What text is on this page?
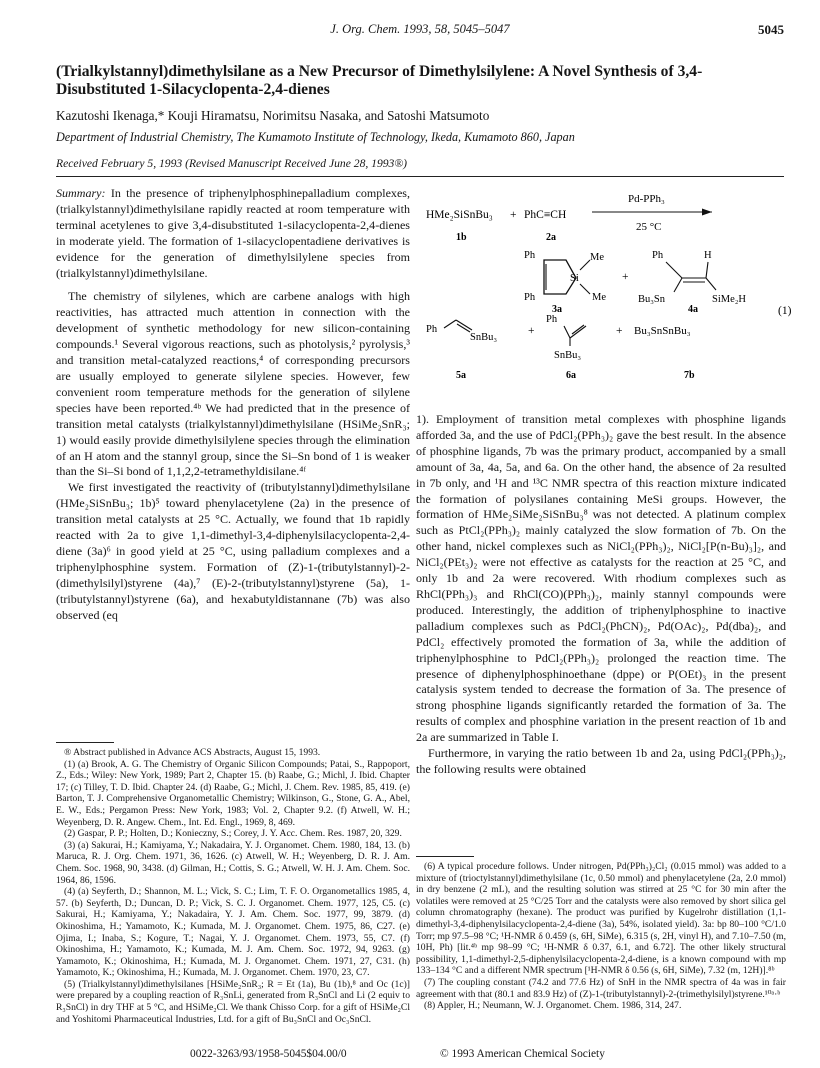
J. Org. Chem. 1993, 58, 5045–5047	5045
(Trialkylstannyl)dimethylsilane as a New Precursor of Dimethylsilylene: A Novel Synthesis of 3,4-Disubstituted 1-Silacyclopenta-2,4-dienes
Kazutoshi Ikenaga,* Kouji Hiramatsu, Norimitsu Nasaka, and Satoshi Matsumoto
Department of Industrial Chemistry, The Kumamoto Institute of Technology, Ikeda, Kumamoto 860, Japan
Received February 5, 1993 (Revised Manuscript Received June 28, 1993®)

Summary: In the presence of triphenylphosphinepalladium complexes, (trialkylstannyl)dimethylsilane rapidly reacted at room temperature with terminal acetylenes to give 3,4-disubstituted 1-silacyclopenta-2,4-dienes in moderate yield. The formation of 1-silacyclopentadiene derivatives is evidence for the generation of dimethylsilylene species from (trialkylstannyl)dimethylsilane.

The chemistry of silylenes, which are carbene analogs with high reactivities, has attracted much attention in connection with the development of synthetic methodology for new silicon-containing compounds.¹ Several vigorous reactions, such as photolysis,² pyrolysis,³ and transition metal-catalyzed reactions,⁴ of corresponding precursors are usually employed to generate silylene species. However, few convenient room temperature methods for the generation of silylene species have been reported.⁴ᵇ We had predicted that in the presence of transition metal catalysts (trialkylstannyl)dimethylsilane (HSiMe₂SnR₃; 1) would easily provide dimethylsilylene species through the elimination of an H atom and the stannyl group, since the Si–Sn bond of 1 is weaker than the Si–Si bond of 1,1,2,2-tetramethyldisilane.⁴ᶠ

We first investigated the reactivity of (tributylstannyl)dimethylsilane (HMe₂SiSnBu₃; 1b)⁵ toward phenylacetylene (2a) in the presence of transition metal catalysts at 25 °C. Actually, we found that 1b rapidly reacted with 2a to give 1,1-dimethyl-3,4-diphenylsilacyclopenta-2,4-diene (3a)⁶ in good yield at 25 °C, using palladium complexes and a triphenylphosphine system. Formation of (Z)-1-(tributylstannyl)-2-(dimethylsilyl)styrene (4a),⁷ (E)-2-(tributylstannyl)styrene (5a), 1-(tributylstannyl)styrene (6a), and hexabutyldistannane (7b) was also observed (eq

HMe₂SiSnBu₃ + PhC≡CH
Pd-PPh₃
25 °C
1b	2a
Ph
Ph
Si
Me
Me
3a
+
Ph	H
Bu₃Sn	SiMe₂H
4a	(1)
Ph
SnBu₃
5a
+
Ph
SnBu₃
6a
+ Bu₃SnSnBu₃
7b

1). Employment of transition metal complexes with phosphine ligands afforded 3a, and the use of PdCl₂(PPh₃)₂ gave the best result. In the absence of phosphine ligands, 7b was the primary product, accompanied by a small amount of 3a, 4a, 5a, and 6a. On the other hand, the absence of 2a resulted in 7b only, and ¹H and ¹³C NMR spectra of this reaction mixture indicated the formation of polysilanes containing MeSi groups. However, the formation of HMe₂SiMe₂SiSnBu₃⁸ was not detected. A platinum complex such as PtCl₂(PPh₃)₂ mainly catalyzed the slow formation of 7b. On the other hand, nickel complexes such as NiCl₂(PPh₃)₂, NiCl₂[P(n-Bu)₃]₂, and NiCl₂(PEt₃)₂ were not effective as catalysts for the reaction at 25 °C, and only 1b and 2a were recovered. With rhodium complexes such as RhCl(PPh₃)₃ and RhCl(CO)(PPh₃)₂, mainly stannyl compounds were produced. Interestingly, the addition of triphenylphosphine to inactive palladium complexes such as PdCl₂(PhCN)₂, Pd(OAc)₂, Pd(dba)₂, and PdCl₂ effectively promoted the formation of 3a, while the addition of triphenylphosphine to PdCl₂(PPh₃)₂ prolonged the reaction time. The presence of diphenylphosphinoethane (dppe) or P(OEt)₃ in the present catalysis system tended to decrease the formation of 3a. The presence of strong phosphine ligands significantly retarded the formation of 3a. The results of complex and phosphine variation in the present reaction of 1b and 2a are summarized in Table I.

Furthermore, in varying the ratio between 1b and 2a, using PdCl₂(PPh₃)₂, the following results were obtained

® Abstract published in Advance ACS Abstracts, August 15, 1993.

(1) (a) Brook, A. G. The Chemistry of Organic Silicon Compounds; Patai, S., Rappoport, Z., Eds.; Wiley: New York, 1989; Part 2, Chapter 15. (b) Raabe, G.; Michl, J. Ibid. Chapter 17; (c) Tilley, T. D. Ibid. Chapter 24. (d) Raabe, G.; Michl, J. Chem. Rev. 1985, 85, 419. (e) Barton, T. J. Comprehensive Organometallic Chemistry; Wilkinson, G., Stone, G. A., Abel, E. W., Eds.; Pergamon Press: New York, 1983; Vol. 2, Chapter 9.2. (f) Atwell, W. H.; Weyenberg, D. R. Angew. Chem., Int. Ed. Engl., 1969, 8, 469.

(2) Gaspar, P. P.; Holten, D.; Konieczny, S.; Corey, J. Y. Acc. Chem. Res. 1987, 20, 329.

(3) (a) Sakurai, H.; Kamiyama, Y.; Nakadaira, Y. J. Organomet. Chem. 1980, 184, 13. (b) Maruca, R. J. Org. Chem. 1971, 36, 1626. (c) Atwell, W. H.; Weyenberg, D. R. J. Am. Chem. Soc. 1968, 90, 3438. (d) Gilman, H.; Cottis, S. G.; Atwell, W. H. J. Am. Chem. Soc. 1964, 86, 1596.

(4) (a) Seyferth, D.; Shannon, M. L.; Vick, S. C.; Lim, T. F. O. Organometallics 1985, 4, 57. (b) Seyferth, D.; Duncan, D. P.; Vick, S. C. J. Organomet. Chem. 1977, 125, C5. (c) Sakurai, H.; Kamiyama, Y.; Nakadaira, Y. J. Am. Chem. Soc. 1977, 99, 3879. (d) Okinoshima, H.; Yamamoto, K.; Kumada, M. J. Organomet. Chem. 1975, 86, C27. (e) Ojima, I.; Inaba, S.; Kogure, T.; Nagai, Y. J. Organomet. Chem. 1973, 55, C7. (f) Okinoshima, H.; Yamamoto, K.; Kumada, M. J. Am. Chem. Soc. 1972, 94, 9263. (g) Yamamoto, K.; Okinoshima, H.; Kumada, M. J. Organomet. Chem. 1971, 27, C31. (h) Yamamoto, K.; Okinoshima, H.; Kumada, M. J. Organomet. Chem. 1970, 23, C7.

(5) (Trialkylstannyl)dimethylsilanes [HSiMe₂SnR₃; R = Et (1a), Bu (1b),⁸ and Oc (1c)] were prepared by a coupling reaction of R₃SnLi, generated from R₃SnCl and Li (2 equiv to R₃SnCl) in dry THF at 5 °C, and HSiMe₂Cl. We thank Chisso Corp. for a gift of HSiMe₂Cl and Yoshitomi Pharmaceutical Industries, Ltd. for a gift of Bu₃SnCl and Oc₃SnCl.

(6) A typical procedure follows. Under nitrogen, Pd(PPh₃)₂Cl₂ (0.015 mmol) was added to a mixture of (trioctylstannyl)dimethylsilane (1c, 0.50 mmol) and phenylacetylene (2a, 2.0 mmol) in dry benzene (2 mL), and the resulting solution was stirred at 25 °C for 30 min after the volatiles were removed at 25 °C/25 Torr and the catalysts were also removed by short silica gel column chromatography (hexane). The product was purified by Kugelrohr distillation (1,1-dimethyl-3,4-diphenylsilacyclopenta-2,4-diene (3a), 54%, isolated yield). 3a: bp 80–100 °C/1.0 Torr; mp 97.5–98 °C; ¹H-NMR δ 0.459 (s, 6H, SiMe), 6.315 (s, 2H, vinyl H), and 7.10–7.50 (m, 10H, Ph) [lit.⁴ᵇ mp 98–99 °C; ¹H-NMR δ 0.37, 6.1, and 6.72]. The other likely structural possibility, 1,1-dimethyl-2,5-diphenylsilacyclopenta-2,4-diene, is a known compound with mp 133–134 °C and a different NMR spectrum [¹H-NMR δ 0.56 (s, 6H, SiMe), 7.32 (m, 12H)].⁸ᵇ

(7) The coupling constant (74.2 and 77.6 Hz) of SnH in the NMR spectra of 4a was in fair agreement with that (80.1 and 83.9 Hz) of (Z)-1-(tributylstannyl)-2-(trimethylsilyl)styrene.¹⁰ᵃ·ᵇ

(8) Appler, H.; Neumann, W. J. Organomet. Chem. 1986, 314, 247.

0022-3263/93/1958-5045$04.00/0	© 1993 American Chemical Society
